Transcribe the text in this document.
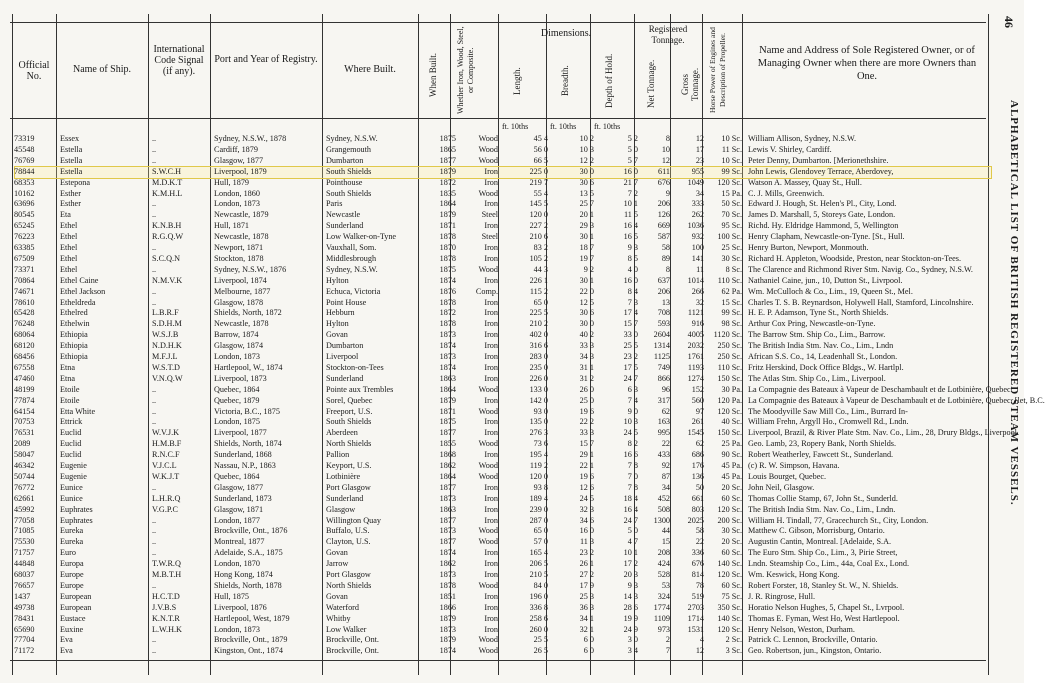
Official No.
Name of Ship.
International Code Signal (if any).
Port and Year of Registry.
Where Built.	When Built. Whether Iron, Wood, Steel, or Composite.
Dimensions.
Length.	Breadth.	Depth of Hold.
Registered Tonnage.
Net Tonnage.	Gross Tonnage. Horse Power of Engines and Description of Propeller.	Name and Address of Sole Registered Owner, or of Managing Owner when there are more Owners than One.
ft. 10ths	ft. 10ths ft. 10ths
46
ALPHABETICAL LIST OF BRITISH REGISTERED STEAM VESSELS.
73319	Essex	..	Sydney, N.S.W., 1878	Sydney, N.S.W.	1875	Wood	45 4	10 2	5 2	8	12	10 Sc. William Allison, Sydney, N.S.W.
45548	Estella	..	Cardiff, 1879	Grangemouth	1865	Wood	56 0	10 3	5 0	10	17	11 Sc. Lewis V. Shirley, Cardiff.
76769	Estella	..	Glasgow, 1877	Dumbarton	1877	Wood	66 5	12 2	5 7	12	23	10 Sc. Peter Denny, Dumbarton. [Merionethshire.
78844	Estella	S.W.C.H	Liverpool, 1879	South Shields	1879	Iron	225 0	30 0	16 0	611	955	99 Sc. John Lewis, Glendovey Terrace, Aberdovey,
68353	Estepona	M.D.K.T	Hull, 1879	Pointhouse	1872	Iron	219 7	30 6	21 7	676	1049	120 Sc. Watson A. Massey, Quay St., Hull.
10162	Esther	K.M.H.L	London, 1860	South Shields	1835	Wood	55 4	13 5	7 2	9	34	15 Pa. C. J. Mills, Greenwich.
63696	Esther	..	London, 1873	Paris	1864	Iron	145 5	25 7	10 1	206	333	50 Sc. Edward J. Hough, St. Helen's Pl., City, Lond.
80545	Eta	..	Newcastle, 1879	Newcastle	1879	Steel	120 0	20 1	11 5	126	262	70 Sc. James D. Marshall, 5, Storeys Gate, London.
65245	Ethel	K.N.B.H	Hull, 1871	Sunderland	1871	Iron	227 2	29 3	16 4	669	1036	95 Sc. Richd. Hy. Eldridge Hammond, 5, Wellington
76223	Ethel	R.G.Q.W	Newcastle, 1878	Low Walker-on-Tyne	1878	Steel	210 6	30 1	16 5	587	932	100 Sc. Henry Clapham, Newcastle-on-Tyne. [St., Hull.
63385	Ethel	..	Newport, 1871	Vauxhall, Som.	1870	Iron	83 2	18 7	9 3	58	100	25 Sc. Henry Burton, Newport, Monmouth.
67509	Ethel	S.C.Q.N	Stockton, 1878	Middlesbrough	1878	Iron	105 2	19 7	8 5	89	141	30 Sc. Richard H. Appleton, Woodside, Preston, near Stockton-on-Tees.
73371	Ethel	..	Sydney, N.S.W., 1876	Sydney, N.S.W.	1875	Wood	44 3	9 2	4 0	8	11	8 Sc. The Clarence and Richmond River Stm. Navig. Co., Sydney, N.S.W.
70864	Ethel Caine	N.M.V.K	Liverpool, 1874	Hylton	1874	Iron	226 1	30 1	16 0	637	1014	110 Sc. Nathaniel Caine, jun., 10, Dutton St., Livrpool.
74671	Ethel Jackson	..	Melbourne, 1877	Echuca, Victoria	1876	Comp.	115 2	22 0	8 4	206	266	62 Pa. Wm. McCulloch & Co., Lim., 19, Queen St., Mel.
78610	Etheldreda	..	Glasgow, 1878	Point House	1878	Iron	65 0	12 5	7 3	13	32	15 Sc. Charles T. S. B. Reynardson, Holywell Hall, Stamford, Lincolnshire.
65428	Ethelred	L.B.R.F	Shields, North, 1872	Hebburn	1872	Iron	225 5	30 6	17 4	708	1121	99 Sc. H. E. P. Adamson, Tyne St., North Shields.
76248	Ethelwin	S.D.H.M	Newcastle, 1878	Hylton	1878	Iron	210 2	30 0	15 7	593	916	98 Sc. Arthur Cox Pring, Newcastle-on-Tyne.
68064	Ethiopia	W.S.J.B	Barrow, 1874	Govan	1873	Iron	402 0	40 2	33 0	2604	4005	1120 Sc. The Barrow Stm. Ship Co., Lim., Barrow.
68120	Ethiopia	N.D.H.K	Glasgow, 1874	Dumbarton	1874	Iron	316 6	33 3	25 5	1314	2032	250 Sc. The British India Stm. Nav. Co., Lim., Lndn
68456	Ethiopia	M.F.J.L	London, 1873	Liverpool	1873	Iron	283 0	34 3	23 2	1125	1761	250 Sc. African S.S. Co., 14, Leadenhall St., London.
67558	Etna	W.S.T.D	Hartlepool, W., 1874	Stockton-on-Tees	1874	Iron	235 0	31 1	17 5	749	1193	110 Sc. Fritz Herskind, Dock Office Bldgs., W. Hartlpl.
47460	Etna	V.N.Q.W	Liverpool, 1873	Sunderland	1863	Iron	226 0	31 2	24 7	866	1274	150 Sc. The Atlas Stm. Ship Co., Lim., Liverpool.
48199	Etoile	..	Quebec, 1864	Pointe aux Trembles	1864	Wood	133 0	26 0	6 3	96	152	30 Pa. La Compagnie des Bateaux à Vapeur de Deschambault et de Lotbinière, Quebec.
77874	Etoile	..	Quebec, 1879	Sorel, Quebec	1879	Iron	142 0	25 0	7 4	317	560	120 Pa. La Compagnie des Bateaux à Vapeur de Deschambault et de Lotbinière, Quebec. [let, B.C.
64154	Etta White	..	Victoria, B.C., 1875	Freeport, U.S.	1871	Wood	93 0	19 6	9 0	62	97	120 Sc. The Moodyville Saw Mill Co., Lim., Burrard In-
70753	Ettrick	..	London, 1875	South Shields	1875	Iron	135 0	22 2	10 3	163	261	40 Sc. William Frehn, Argyll Ho., Cromwell Rd., Lndn.
76531	Euclid	W.V.J.K	Liverpool, 1877	Aberdeen	1877	Iron	276 3	33 3	24 5	995	1545	150 Sc. Liverpool, Brazil, & River Plate Stm. Nav. Co., Lim., 28, Drury Bldgs., Liverpool.
2089	Euclid	H.M.B.F	Shields, North, 1874	North Shields	1855	Wood	73 6	15 7	8 2	22	62	25 Pa. Geo. Lamb, 23, Ropery Bank, North Shields.
58047	Euclid	R.N.C.F	Sunderland, 1868	Pallion	1868	Iron	195 4	29 1	16 6	433	686	90 Sc. Robert Weatherley, Fawcett St., Sunderland.
46342	Eugenie	V.J.C.L	Nassau, N.P., 1863	Keyport, U.S.	1862	Wood	119 2	22 1	7 8	92	176	45 Pa. (c) R. W. Simpson, Havana.
50744	Eugenie	W.K.J.T	Quebec, 1864	Lotbinière	1864	Wood	120 0	19 6	7 0	87	136	45 Pa. Louis Bourget, Quebec.
76772	Eunice	..	Glasgow, 1877	Port Glasgow	1877	Iron	93 8	12 6	7 8	34	50	20 Sc. John Neil, Glasgow.
62661	Eunice	L.H.R.Q	Sunderland, 1873	Sunderland	1873	Iron	189 4	24 5	18 4	452	661	60 Sc. Thomas Collie Stamp, 67, John St., Sunderld.
45992	Euphrates	V.G.P.C	Glasgow, 1871	Glasgow	1863	Iron	239 0	32 3	16 4	508	803	120 Sc. The British India Stm. Nav. Co., Lim., Lndn.
77058	Euphrates	..	London, 1877	Willington Quay	1877	Iron	287 0	34 6	24 7	1300	2025	200 Sc. William H. Tindall, 77, Gracechurch St., City, London.
71085	Eureka	..	Brockville, Ont., 1876	Buffalo, U.S.	1873	Wood	65 0	16 0	5 0	44	58	30 Sc. Matthew C. Gibson, Morrisburg, Ontario.
75530	Eureka	..	Montreal, 1877	Clayton, U.S.	1877	Wood	57 0	11 3	4 7	15	22	20 Sc. Augustin Cantin, Montreal. [Adelaide, S.A.
71757	Euro	..	Adelaide, S.A., 1875	Govan	1874	Iron	165 4	23 2	10 1	208	336	60 Sc. The Euro Stm. Ship Co., Lim., 3, Pirie Street,
44848	Europa	T.W.R.Q	London, 1870	Jarrow	1862	Iron	206 5	26 1	17 2	424	676	140 Sc. Lndn. Steamship Co., Lim., 44a, Coal Ex., Lond.
68037	Europe	M.B.T.H	Hong Kong, 1874	Port Glasgow	1873	Iron	210 5	27 2	20 3	528	814	120 Sc. Wm. Keswick, Hong Kong.
76657	Europe	..	Shields, North, 1878	North Shields	1878	Wood	84 0	17 9	9 3	53	78	60 Sc. Robert Forster, 18, Stanley St. W., N. Shields.
1437	European	H.C.T.D	Hull, 1875	Govan	1851	Iron	196 0	25 3	14 3	324	519	75 Sc. J. R. Ringrose, Hull.
49738	European	J.V.B.S	Liverpool, 1876	Waterford	1866	Iron	336 8	36 3	28 6	1774	2703	350 Sc. Horatio Nelson Hughes, 5, Chapel St., Lvrpool.
78431	Eustace	K.N.T.R	Hartlepool, West, 1879	Whitby	1879	Iron	258 6	34 1	19 9	1109	1714	140 Sc. Thomas E. Fyman, West Ho, West Hartlepool.
65690	Euxine	L.W.H.K	London, 1873	Low Walker	1873	Iron	260 0	32 1	24 9	973	1531	120 Sc. Henry Nelson, Weston, Durham.
77704	Eva	..	Brockville, Ont., 1879	Brockville, Ont.	1879	Wood	25 5	6 0	3 0	2	4	2 Sc. Patrick C. Lennon, Brockville, Ontario.
71172	Eva	..	Kingston, Ont., 1874	Brockville, Ont.	1874	Wood	26 5	6 0	3 4	7	12	3 Sc. Geo. Robertson, jun., Kingston, Ontario.
